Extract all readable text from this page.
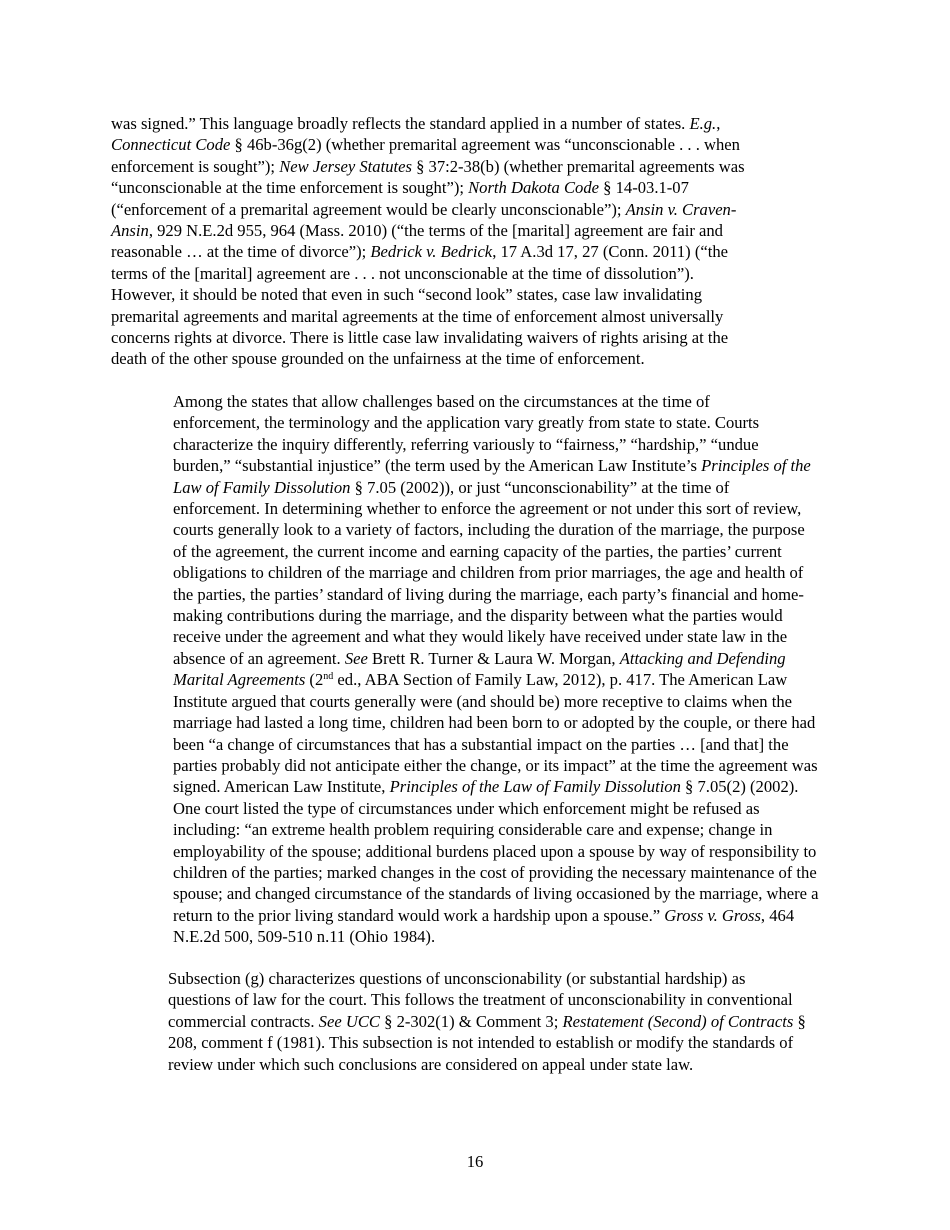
was signed.” This language broadly reflects the standard applied in a number of states. E.g.,
Connecticut Code § 46b-36g(2) (whether premarital agreement was “unconscionable . . . when
enforcement is sought”); New Jersey Statutes § 37:2-38(b) (whether premarital agreements was
“unconscionable at the time enforcement is sought”); North Dakota Code § 14-03.1-07
(“enforcement of a premarital agreement would be clearly unconscionable”); Ansin v. Craven-
Ansin, 929 N.E.2d 955, 964 (Mass. 2010) (“the terms of the [marital] agreement are fair and
reasonable … at the time of divorce”); Bedrick v. Bedrick, 17 A.3d 17, 27 (Conn. 2011) (“the
terms of the [marital] agreement are . . . not unconscionable at the time of dissolution”).
However, it should be noted that even in such “second look” states, case law invalidating
premarital agreements and marital agreements at the time of enforcement almost universally
concerns rights at divorce. There is little case law invalidating waivers of rights arising at the
death of the other spouse grounded on the unfairness at the time of enforcement.
Among the states that allow challenges based on the circumstances at the time of
enforcement, the terminology and the application vary greatly from state to state. Courts
characterize the inquiry differently, referring variously to “fairness,” “hardship,” “undue
burden,” “substantial injustice” (the term used by the American Law Institute’s Principles of the
Law of Family Dissolution § 7.05 (2002)), or just “unconscionability” at the time of
enforcement. In determining whether to enforce the agreement or not under this sort of review,
courts generally look to a variety of factors, including the duration of the marriage, the purpose
of the agreement, the current income and earning capacity of the parties, the parties’ current
obligations to children of the marriage and children from prior marriages, the age and health of
the parties, the parties’ standard of living during the marriage, each party’s financial and home-
making contributions during the marriage, and the disparity between what the parties would
receive under the agreement and what they would likely have received under state law in the
absence of an agreement. See Brett R. Turner & Laura W. Morgan, Attacking and Defending
Marital Agreements (2nd ed., ABA Section of Family Law, 2012), p. 417. The American Law
Institute argued that courts generally were (and should be) more receptive to claims when the
marriage had lasted a long time, children had been born to or adopted by the couple, or there had
been “a change of circumstances that has a substantial impact on the parties … [and that] the
parties probably did not anticipate either the change, or its impact” at the time the agreement was
signed. American Law Institute, Principles of the Law of Family Dissolution § 7.05(2) (2002).
One court listed the type of circumstances under which enforcement might be refused as
including: “an extreme health problem requiring considerable care and expense; change in
employability of the spouse; additional burdens placed upon a spouse by way of responsibility to
children of the parties; marked changes in the cost of providing the necessary maintenance of the
spouse; and changed circumstance of the standards of living occasioned by the marriage, where a
return to the prior living standard would work a hardship upon a spouse.” Gross v. Gross, 464
N.E.2d 500, 509-510 n.11 (Ohio 1984).
Subsection (g) characterizes questions of unconscionability (or substantial hardship) as
questions of law for the court. This follows the treatment of unconscionability in conventional
commercial contracts. See UCC § 2-302(1) & Comment 3; Restatement (Second) of Contracts §
208, comment f (1981). This subsection is not intended to establish or modify the standards of
review under which such conclusions are considered on appeal under state law.
16
